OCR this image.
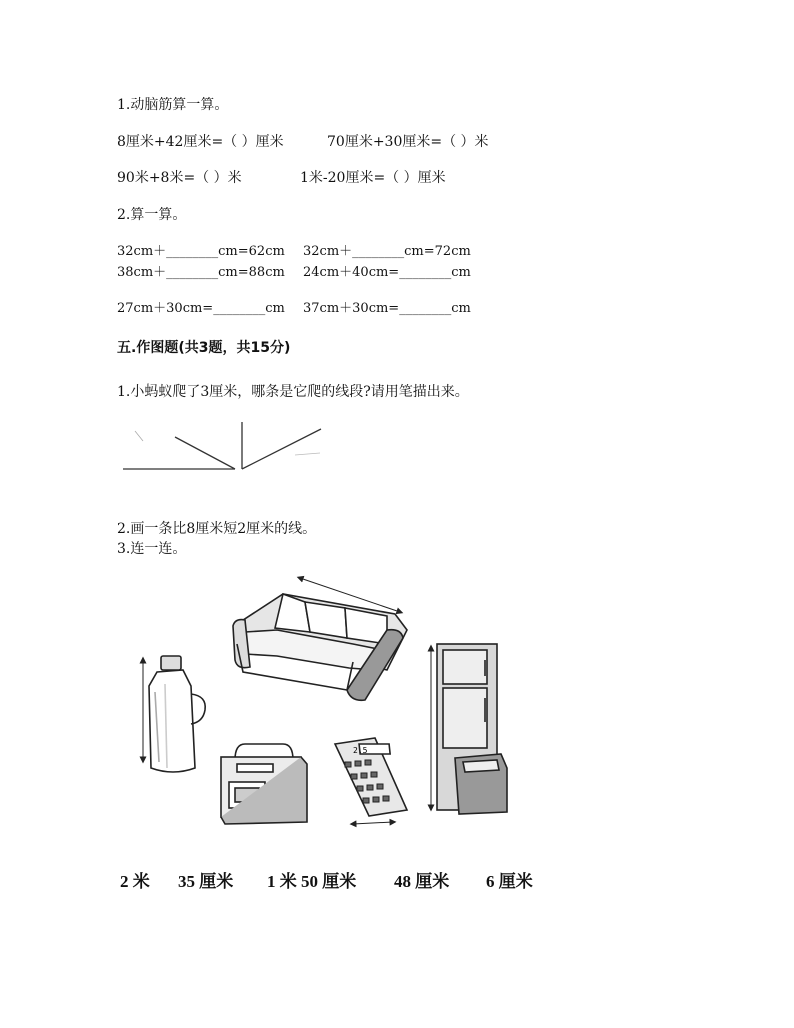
1.动脑筋算一算。
8厘米+42厘米=（ ）厘米	70厘米+30厘米=（ ）米
90米+8米=（ ）米	1米-20厘米=（ ）厘米
2.算一算。
32cm＋________cm=62cm 32cm＋________cm=72cm
38cm＋________cm=88cm 24cm＋40cm=________cm
27cm＋30cm=________cm 37cm＋30cm=________cm
五.作图题(共3题，共15分)
1.小蚂蚁爬了3厘米，哪条是它爬的线段?请用笔描出来。
2.画一条比8厘米短2厘米的线。
3.连一连。
2.5
2 米 35 厘米 1 米 50 厘米 48 厘米 6 厘米
